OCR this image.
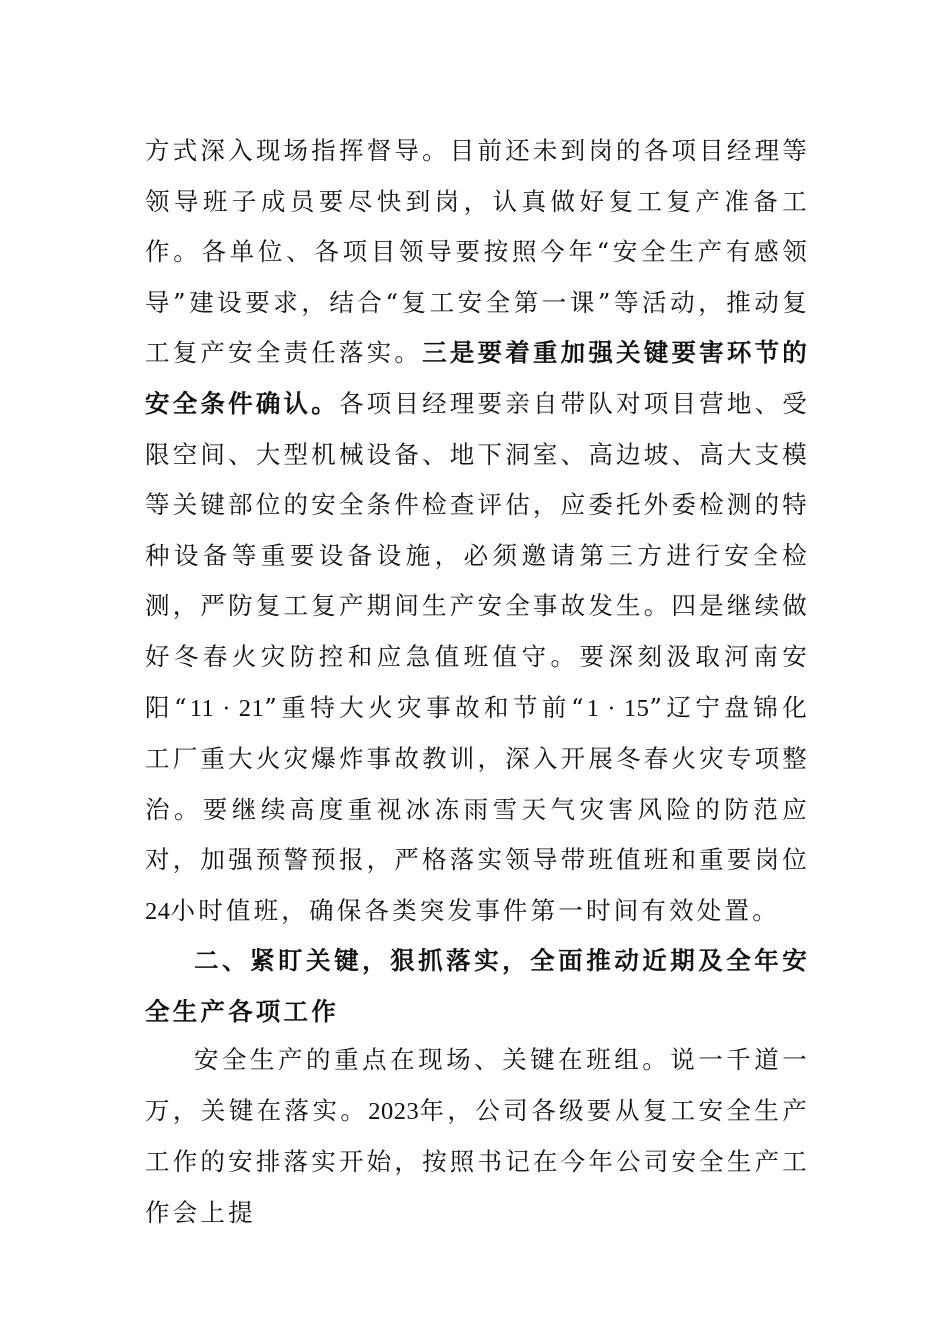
方式深入现场指挥督导。目前还未到岗的各项目经理等领导班子成员要尽快到岗，认真做好复工复产准备工作。各单位、各项目领导要按照今年“安全生产有感领导”建设要求，结合“复工安全第一课”等活动，推动复工复产安全责任落实。三是要着重加强关键要害环节的安全条件确认。各项目经理要亲自带队对项目营地、受限空间、大型机械设备、地下洞室、高边坡、高大支模等关键部位的安全条件检查评估，应委托外委检测的特种设备等重要设备设施，必须邀请第三方进行安全检测，严防复工复产期间生产安全事故发生。四是继续做好冬春火灾防控和应急值班值守。要深刻汲取河南安阳“11 · 21”重特大火灾事故和节前“1 · 15”辽宁盘锦化工厂重大火灾爆炸事故教训，深入开展冬春火灾专项整治。要继续高度重视冰冻雨雪天气灾害风险的防范应对，加强预警预报，严格落实领导带班值班和重要岗位24小时值班，确保各类突发事件第一时间有效处置。

二、紧盯关键，狠抓落实，全面推动近期及全年安全生产各项工作

安全生产的重点在现场、关键在班组。说一千道一万，关键在落实。2023年，公司各级要从复工安全生产工作的安排落实开始，按照书记在今年公司安全生产工作会上提
